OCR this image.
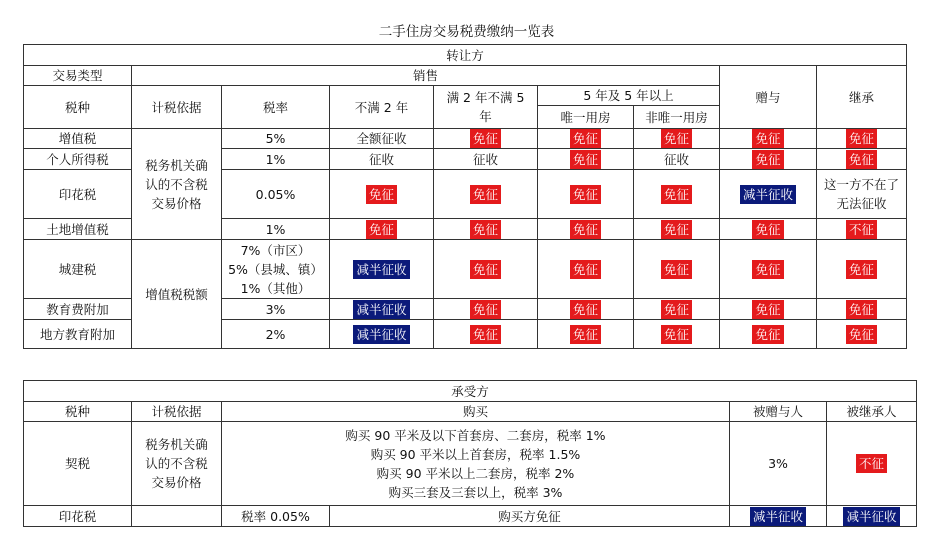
二手住房交易税费缴纳一览表
转让方								
交易类型	销售						赠与	继承
税种	计税依据	税率	不满 2 年	满 2 年不满 5 年	5 年及 5 年以上			
					唯一用房	非唯一用房		
增值税	税务机关确认的不含税交易价格	5%	全额征收	免征	免征	免征	免征	免征
个人所得税		1%	征收	征收	免征	征收	免征	免征
印花税		0.05%	免征	免征	免征	免征	减半征收	这一方不在了无法征收

土地增值税		1%	免征	免征	免征	免征	免征	不征
城建税	增值税税额	7%（市区）
5%（县城、镇）
1%（其他）	减半征收	免征	免征	免征	免征	免征
教育费附加		3%	减半征收	免征	免征	免征	免征	免征
地方教育附加		2%	减半征收	免征	免征	免征	免征	免征
承受方					
税种	计税依据	购买		被赠与人	被继承人
契税	税务机关确认的不含税交易价格	购买 90 平米及以下首套房、二套房，税率 1%
购买 90 平米以上首套房，税率 1.5%
购买 90 平米以上二套房，税率 2%
购买三套及三套以上，税率 3%		3%	不征
印花税		税率 0.05%	购买方免征	减半征收	减半征收
